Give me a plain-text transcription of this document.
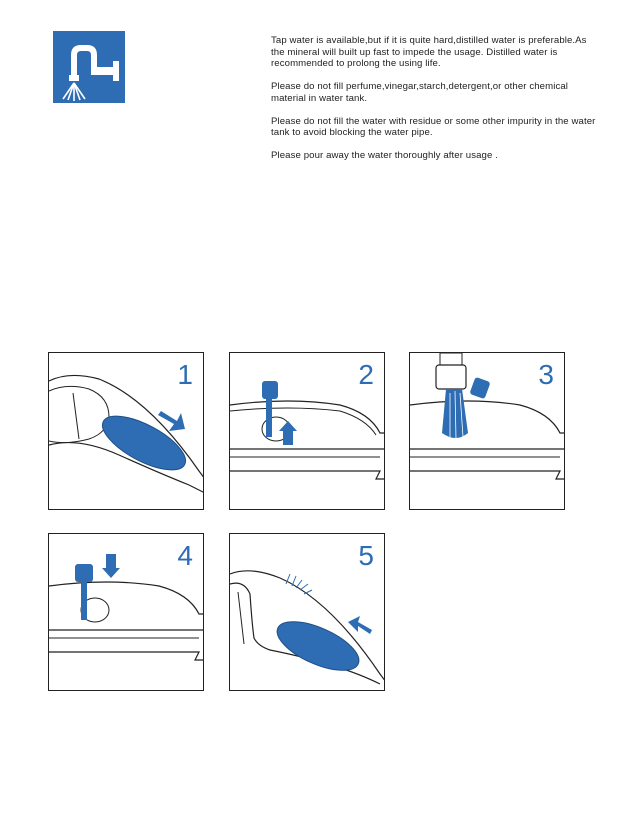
Tap water is available,but if it is quite hard,distilled water is preferable.As the mineral will built up fast to impede the usage. Distilled water is recommended to prolong the using life.

Please do not fill perfume,vinegar,starch,detergent,or other chemical material in water tank.

Please do not fill the water with residue or some other impurity in the water tank to avoid blocking the water pipe.

Please pour away the water thoroughly after usage .

1	2	3
4	5
